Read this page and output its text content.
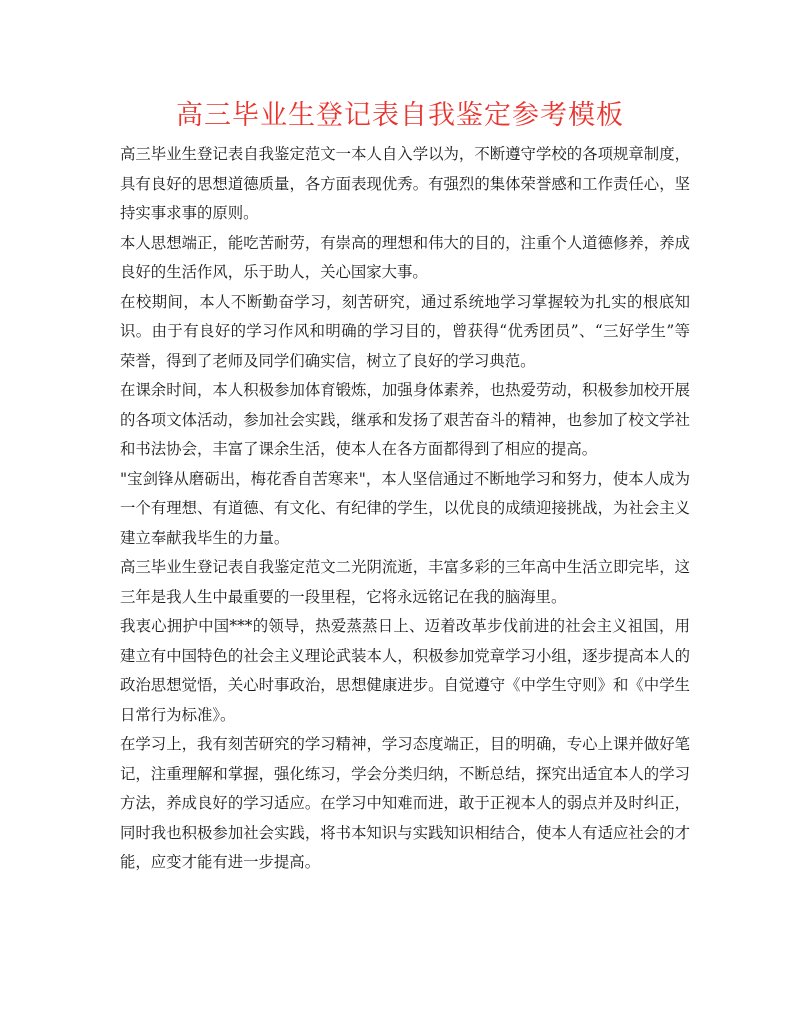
高三毕业生登记表自我鉴定参考模板

高三毕业生登记表自我鉴定范文一本人自入学以为，不断遵守学校的各项规章制度，具有良好的思想道德质量，各方面表现优秀。有强烈的集体荣誉感和工作责任心，坚持实事求事的原则。

本人思想端正，能吃苦耐劳，有崇高的理想和伟大的目的，注重个人道德修养，养成良好的生活作风，乐于助人，关心国家大事。

在校期间，本人不断勤奋学习，刻苦研究，通过系统地学习掌握较为扎实的根底知识。由于有良好的学习作风和明确的学习目的，曾获得“优秀团员”、“三好学生”等荣誉，得到了老师及同学们确实信，树立了良好的学习典范。

在课余时间，本人积极参加体育锻炼，加强身体素养，也热爱劳动，积极参加校开展的各项文体活动，参加社会实践，继承和发扬了艰苦奋斗的精神，也参加了校文学社和书法协会，丰富了课余生活，使本人在各方面都得到了相应的提高。

"宝剑锋从磨砺出，梅花香自苦寒来"，本人坚信通过不断地学习和努力，使本人成为一个有理想、有道德、有文化、有纪律的学生，以优良的成绩迎接挑战，为社会主义建立奉献我毕生的力量。

高三毕业生登记表自我鉴定范文二光阴流逝，丰富多彩的三年高中生活立即完毕，这三年是我人生中最重要的一段里程，它将永远铭记在我的脑海里。

我衷心拥护中国***的领导，热爱蒸蒸日上、迈着改革步伐前进的社会主义祖国，用建立有中国特色的社会主义理论武装本人，积极参加党章学习小组，逐步提高本人的政治思想觉悟，关心时事政治，思想健康进步。自觉遵守《中学生守则》和《中学生日常行为标准》。

在学习上，我有刻苦研究的学习精神，学习态度端正，目的明确，专心上课并做好笔记，注重理解和掌握，强化练习，学会分类归纳，不断总结，探究出适宜本人的学习方法，养成良好的学习适应。在学习中知难而进，敢于正视本人的弱点并及时纠正，同时我也积极参加社会实践，将书本知识与实践知识相结合，使本人有适应社会的才能，应变才能有进一步提高。
